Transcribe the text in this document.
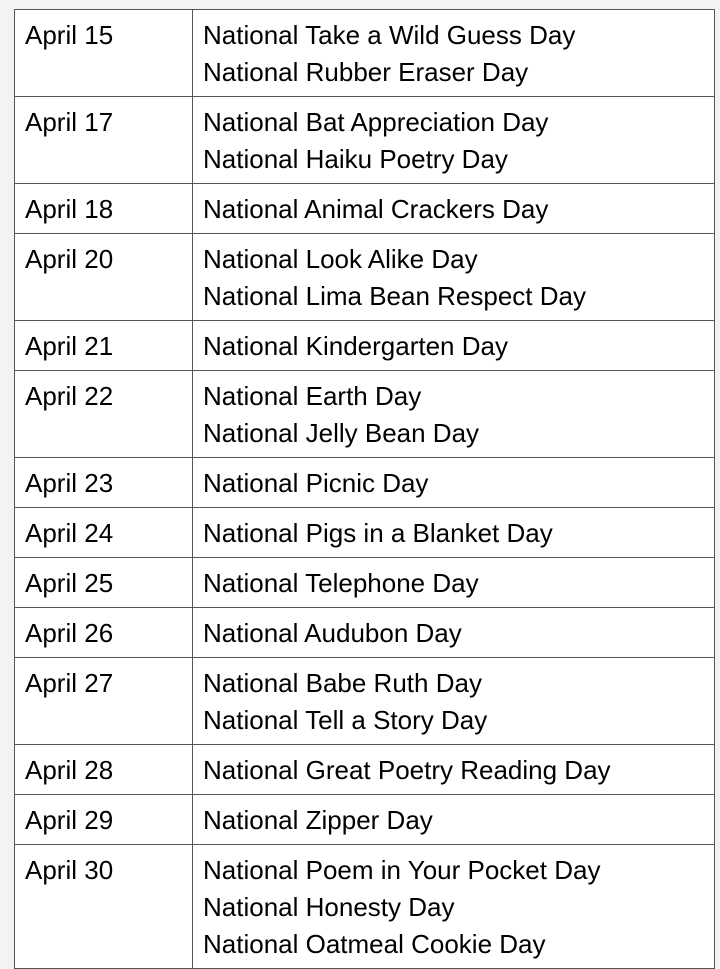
April 15	National Take a Wild Guess Day
National Rubber Eraser Day

April 17	National Bat Appreciation Day
National Haiku Poetry Day

April 18	National Animal Crackers Day

April 20	National Look Alike Day
National Lima Bean Respect Day

April 21	National Kindergarten Day

April 22	National Earth Day
National Jelly Bean Day

April 23	National Picnic Day

April 24	National Pigs in a Blanket Day

April 25	National Telephone Day

April 26	National Audubon Day

April 27	National Babe Ruth Day
National Tell a Story Day

April 28	National Great Poetry Reading Day

April 29	National Zipper Day

April 30	National Poem in Your Pocket Day
National Honesty Day
National Oatmeal Cookie Day
